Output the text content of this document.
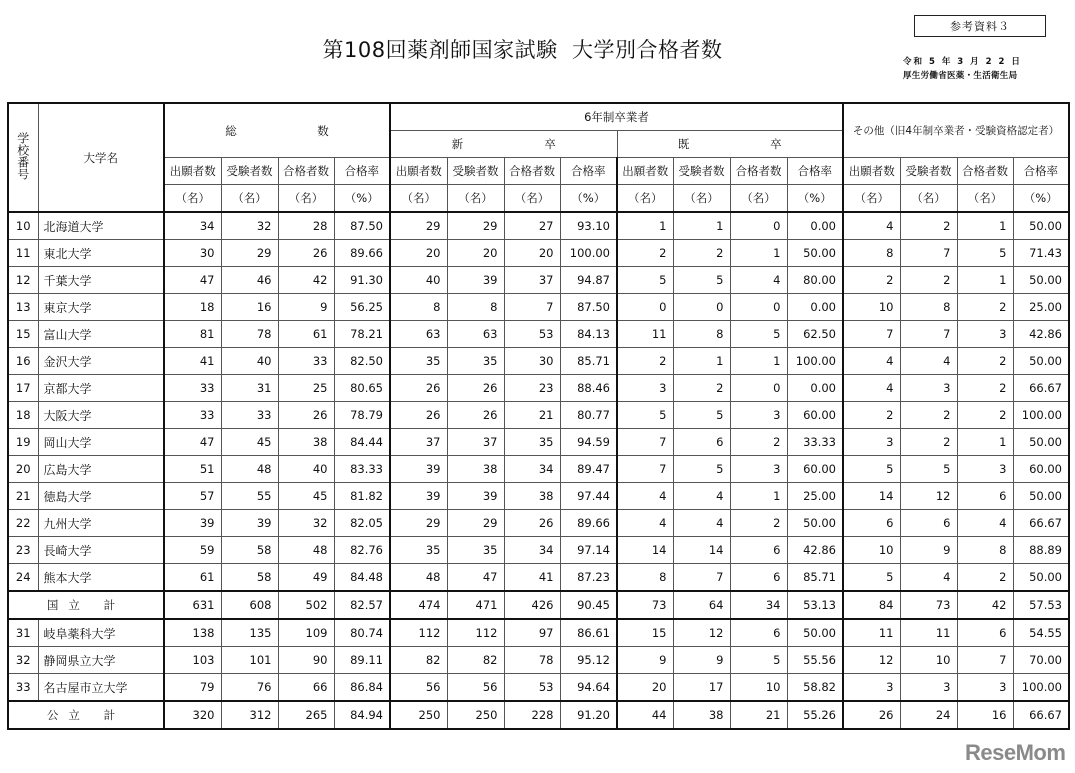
参考資料３
第108回薬剤師国家試験 大学別合格者数	令和 5 年 3 月 2 2 日
厚生労働省医薬・生活衛生局
学校番号	大学名	総 数				6年制卒業者								その他（旧4年制卒業者・受験資格認定者）			

						新 卒				既 卒							

		出願者数	受験者数	合格者数	合格率	出願者数	受験者数	合格者数	合格率	出願者数	受験者数	合格者数	合格率	出願者数	受験者数	合格者数	合格率
		（名）	（名）	（名）	（%）	（名）	（名）	（名）	（%）	（名）	（名）	（名）	（%）	（名）	（名）	（名）	（%）
10	北海道大学	34	32	28	87.50	29	29	27	93.10	1	1	0	0.00	4	2	1	50.00
11	東北大学	30	29	26	89.66	20	20	20	100.00	2	2	1	50.00	8	7	5	71.43
12	千葉大学	47	46	42	91.30	40	39	37	94.87	5	5	4	80.00	2	2	1	50.00
13	東京大学	18	16	9	56.25	8	8	7	87.50	0	0	0	0.00	10	8	2	25.00
15	富山大学	81	78	61	78.21	63	63	53	84.13	11	8	5	62.50	7	7	3	42.86
16	金沢大学	41	40	33	82.50	35	35	30	85.71	2	1	1	100.00	4	4	2	50.00
17	京都大学	33	31	25	80.65	26	26	23	88.46	3	2	0	0.00	4	3	2	66.67
18	大阪大学	33	33	26	78.79	26	26	21	80.77	5	5	3	60.00	2	2	2	100.00
19	岡山大学	47	45	38	84.44	37	37	35	94.59	7	6	2	33.33	3	2	1	50.00
20	広島大学	51	48	40	83.33	39	38	34	89.47	7	5	3	60.00	5	5	3	60.00
21	徳島大学	57	55	45	81.82	39	39	38	97.44	4	4	1	25.00	14	12	6	50.00
22	九州大学	39	39	32	82.05	29	29	26	89.66	4	4	2	50.00	6	6	4	66.67
23	長崎大学	59	58	48	82.76	35	35	34	97.14	14	14	6	42.86	10	9	8	88.89
24	熊本大学	61	58	49	84.48	48	47	41	87.23	8	7	6	85.71	5	4	2	50.00
国立 計		631	608	502	82.57	474	471	426	90.45	73	64	34	53.13	84	73	42	57.53
31	岐阜薬科大学	138	135	109	80.74	112	112	97	86.61	15	12	6	50.00	11	11	6	54.55
32	静岡県立大学	103	101	90	89.11	82	82	78	95.12	9	9	5	55.56	12	10	7	70.00
33	名古屋市立大学	79	76	66	86.84	56	56	53	94.64	20	17	10	58.82	3	3	3	100.00
公立 計		320	312	265	84.94	250	250	228	91.20	44	38	21	55.26	26	24	16	66.67
ReseMom
